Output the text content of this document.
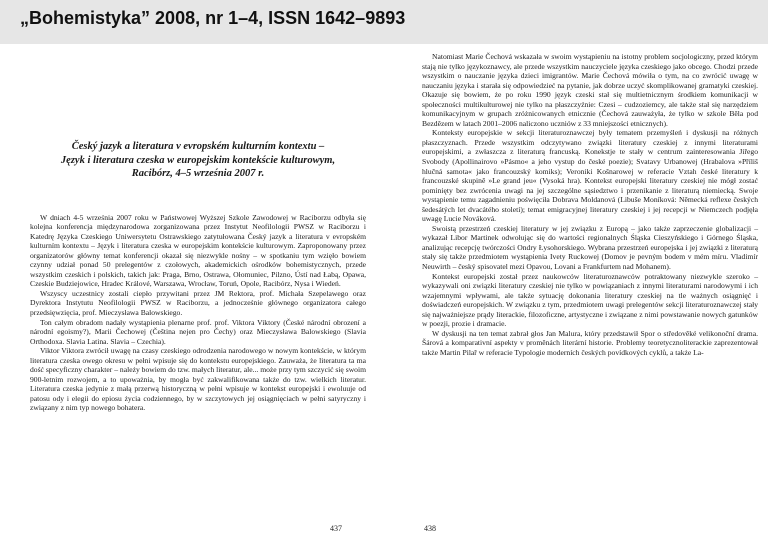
„Bohemistyka” 2008, nr 1–4, ISSN 1642–9893
Český jazyk a literatura v evropském kulturním kontextu –
Język i literatura czeska w europejskim kontekście kulturowym,
Racibórz, 4–5 września 2007 r.

W dniach 4-5 września 2007 roku w Państwowej Wyższej Szkole Zawodowej w Raciborzu odbyła się kolejna konferencja międzynarodowa zorganizowana przez Instytut Neofilologii PWSZ w Raciborzu i Katedrę Języka Czeskiego Uniwersytetu Ostrawskiego zatytułowana Český jazyk a literatura v evropském kulturním kontextu – Język i literatura czeska w europejskim kontekście kulturowym. Zaproponowany przez organizatorów główny temat konferencji okazał się niezwykle nośny – w spotkaniu tym wzięło bowiem czynny udział ponad 50 prelegentów z czołowych, akademickich ośrodków bohemistycznych, przede wszystkim czeskich i polskich, takich jak: Praga, Brno, Ostrawa, Ołomuniec, Pilzno, Ústí nad Łabą, Opawa, Czeskie Budziejowice, Hradec Králové, Warszawa, Wrocław, Toruń, Opole, Racibórz, Nysa i Wiedeń.

Wszyscy uczestnicy zostali ciepło przywitani przez JM Rektora, prof. Michała Szepelawego oraz Dyrektora Instytutu Neofilologii PWSZ w Raciborzu, a jednocześnie głównego organizatora całego przedsięwzięcia, prof. Mieczysława Balowskiego.

Ton całym obradom nadały wystąpienia plenarne prof. prof. Viktora Viktory (České národní obrození a národní egoismy?), Marii Čechowej (Čeština nejen pro Čechy) oraz Mieczysława Balowskiego (Slavia Orthodoxa. Slavia Latina. Slavia – Czechia).

Viktor Viktora zwrócił uwagę na czasy czeskiego odrodzenia narodowego w nowym kontekście, w którym literatura czeska owego okresu w pełni wpisuje się do kontekstu europejskiego. Zauważa, że literatura ta ma dość specyficzny charakter – należy bowiem do tzw. małych literatur, ale... może przy tym szczycić się swoim 900-letnim rozwojem, a to upoważnia, by mogła być zakwalifikowana także do tzw. wielkich literatur. Literatura czeska jedynie z małą przerwą historyczną w pełni wpisuje w kontekst europejski i ewoluuje od patosu ody i elegii do epiosu życia codziennego, by w szczytowych jej osiągnięciach w pełni satyryczny i związany z nim typ nowego bohatera.

437

Natomiast Marie Čechová wskazała w swoim wystąpieniu na istotny problem socjologiczny, przed którym stają nie tylko językoznawcy, ale przede wszystkim nauczyciele języka czeskiego jako obcego. Chodzi przede wszystkim o nauczanie języka dzieci imigrantów. Marie Čechová mówiła o tym, na co zwrócić uwagę w nauczaniu języka i starała się odpowiedzieć na pytanie, jak dobrze uczyć skomplikowanej gramatyki czeskiej. Okazuje się bowiem, że po roku 1990 język czeski stał się multietnicznym środkiem komunikacji w społeczności multikulturowej nie tylko na płaszczyźnie: Czesi – cudzoziemcy, ale także stał się narzędziem komunikacyjnym w grupach zróżnicowanych etnicznie (Čechová zauważyła, że tylko w szkole Běla pod Bezdězem w latach 2001–2006 naliczono uczniów z 33 mniejszości etnicznych).

Konteksty europejskie w sekcji literaturoznawczej były tematem przemyśleń i dyskusji na różnych płaszczyznach. Przede wszystkim odczytywano związki literatury czeskiej z innymi literaturami europejskimi, a zwłaszcza z literaturą francuską. Konekstje te stały w centrum zainteresowania Jiřego Svobody (Apollinairovo »Pásmo« a jeho vystup do české poezie); Svatavy Urbanowej (Hrabalova »Příliš hlučná samota« jako francouzský komiks); Veroniki Košnarowej w referacie Vztah české literatury k francouzské skupině »Le grand jeu« (Vysoká hra). Kontekst europejski literatury czeskiej nie mógł zostać pominięty bez zwrócenia uwagi na jej szczególne sąsiedztwo i przenikanie z literaturą niemiecką. Swoje wystąpienie temu zagadnieniu poświęciła Dobrava Moldanová (Libuše Moníková: Německá reflexe českých šedesátých let dvacátého století); temat emigracyjnej literatury czeskiej i jej recepcji w Niemczech podjęła uwagę Lucie Nováková.

Swoistą przestrzeń czeskiej literatury w jej związku z Europą – jako także zaprzeczenie globalizacji – wykazał Libor Martinek odwołując się do wartości regionalnych Śląska Cieszyńskiego i Górnego Śląska, analizując recepcję twórczości Ondry Łysohorskiego. Wybrana przestrzeń europejska i jej związki z literaturą stały się także przedmiotem wystąpienia Ivety Ruckowej (Domov je pevným bodem v mém míru. Vladimír Neuwirth – český spisovatel mezi Opavou, Lovani a Frankfurtem nad Mohanem).

Kontekst europejski został przez naukowców literaturoznawców potraktowany niezwykle szeroko – wykazywali oni związki literatury czeskiej nie tylko w powiązaniach z innymi literaturami narodowymi i ich wzajemnymi wpływami, ale także sytuację dokonania literatury czeskiej na tle ważnych osiągnięć i doświadczeń europejskich. W związku z tym, przedmiotem uwagi prelegentów sekcji literaturoznawczej stały się najważniejsze prądy literackie, filozoficzne, artystyczne i związane z nimi powstawanie nowych gatunków w poezji, prozie i dramacie.

W dyskusji na ten temat zabrał głos Jan Malura, który przedstawił Spor o středověké velikonoční drama. Šárová a komparativní aspekty v proměnách literární historie. Problemy teoretycznoliterackie zaprezentował także Martin Pilař w referacie Typologie moderních českých povídkových cyklů, a także La-

438
